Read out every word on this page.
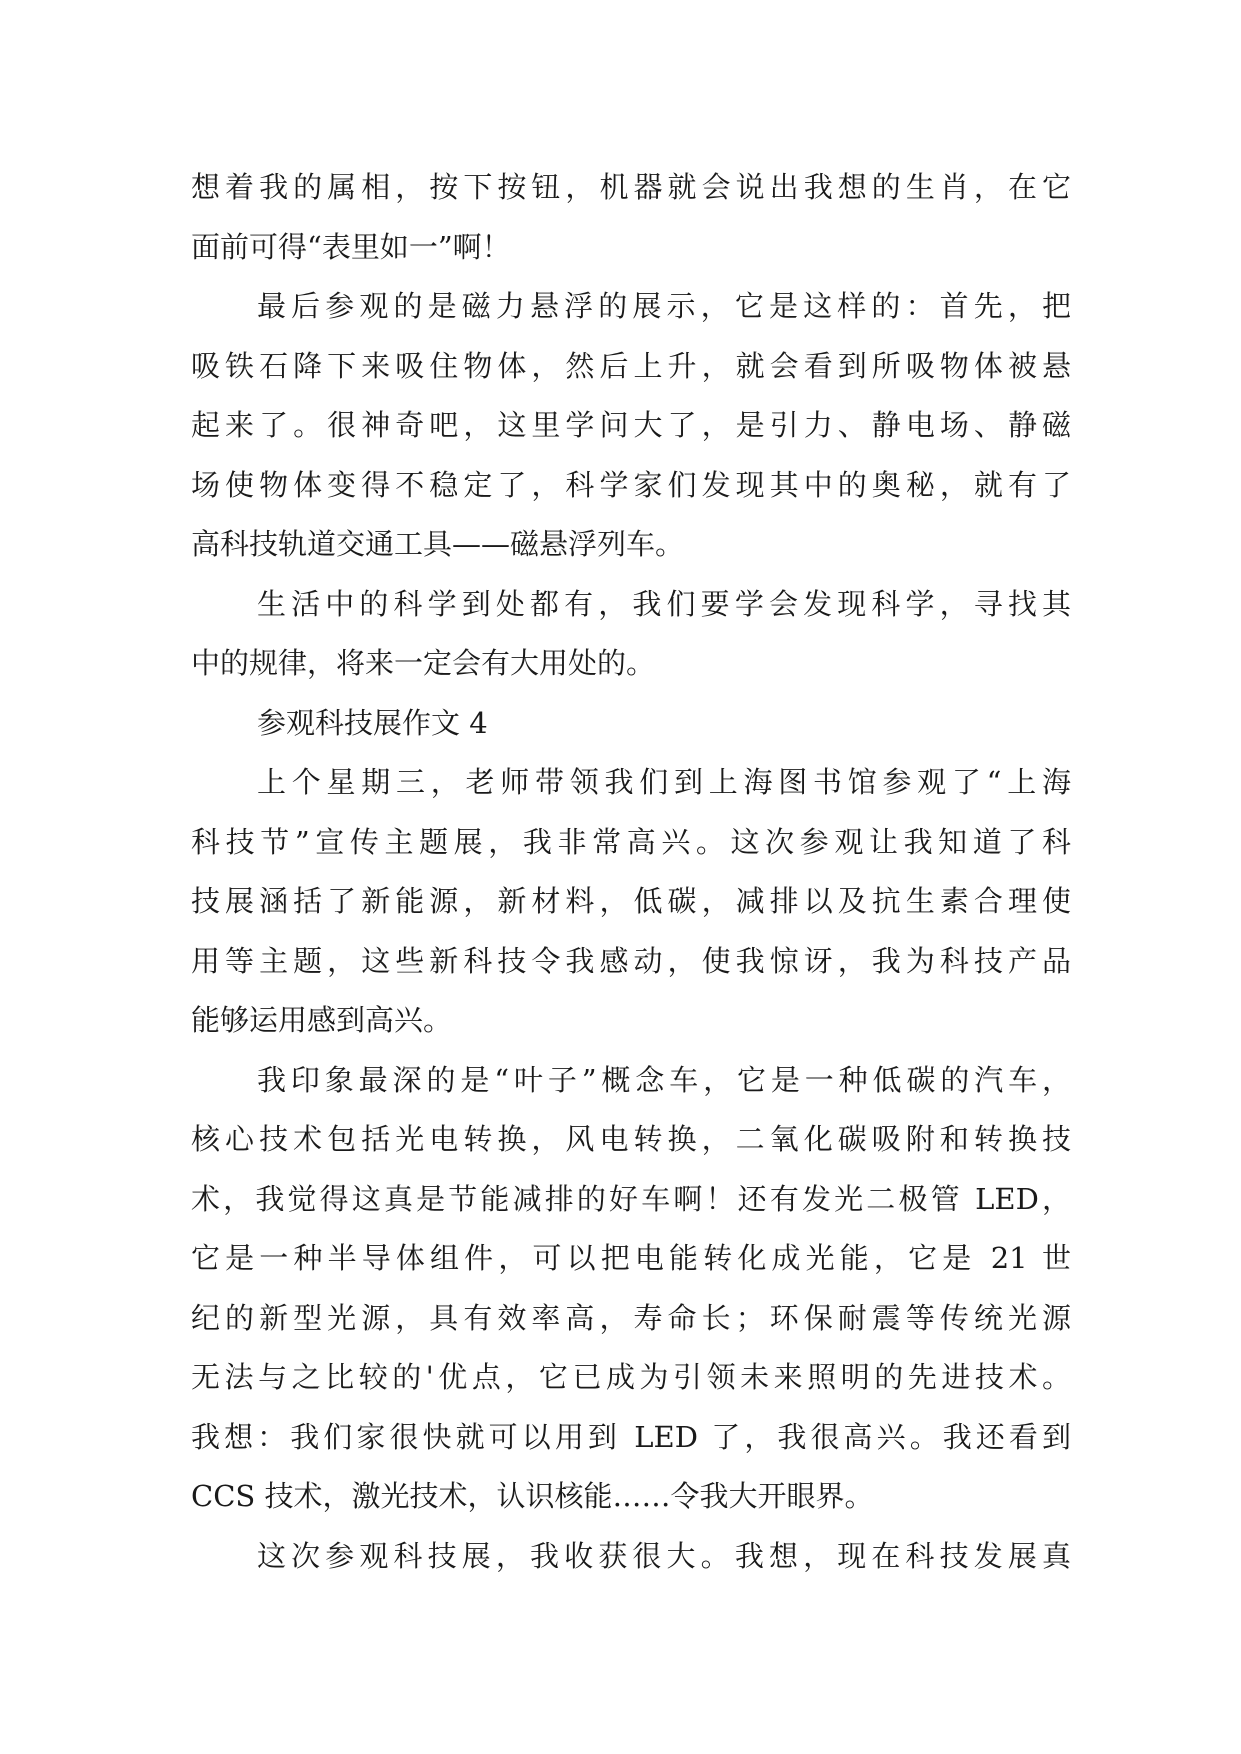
想着我的属相，按下按钮，机器就会说出我想的生肖，在它
面前可得“表里如一”啊！
最后参观的是磁力悬浮的展示，它是这样的：首先，把
吸铁石降下来吸住物体，然后上升，就会看到所吸物体被悬
起来了。很神奇吧，这里学问大了，是引力、静电场、静磁
场使物体变得不稳定了，科学家们发现其中的奥秘，就有了
高科技轨道交通工具——磁悬浮列车。
生活中的科学到处都有，我们要学会发现科学，寻找其
中的规律，将来一定会有大用处的。
参观科技展作文 4
上个星期三，老师带领我们到上海图书馆参观了“上海
科技节”宣传主题展，我非常高兴。这次参观让我知道了科
技展涵括了新能源，新材料，低碳，减排以及抗生素合理使
用等主题，这些新科技令我感动，使我惊讶，我为科技产品
能够运用感到高兴。
我印象最深的是“叶子”概念车，它是一种低碳的汽车，
核心技术包括光电转换，风电转换，二氧化碳吸附和转换技
术，我觉得这真是节能减排的好车啊！还有发光二极管 LED，
它是一种半导体组件，可以把电能转化成光能，它是 21 世
纪的新型光源，具有效率高，寿命长；环保耐震等传统光源
无法与之比较的'优点，它已成为引领未来照明的先进技术。
我想：我们家很快就可以用到 LED 了，我很高兴。我还看到
CCS 技术，激光技术，认识核能……令我大开眼界。
这次参观科技展，我收获很大。我想，现在科技发展真
